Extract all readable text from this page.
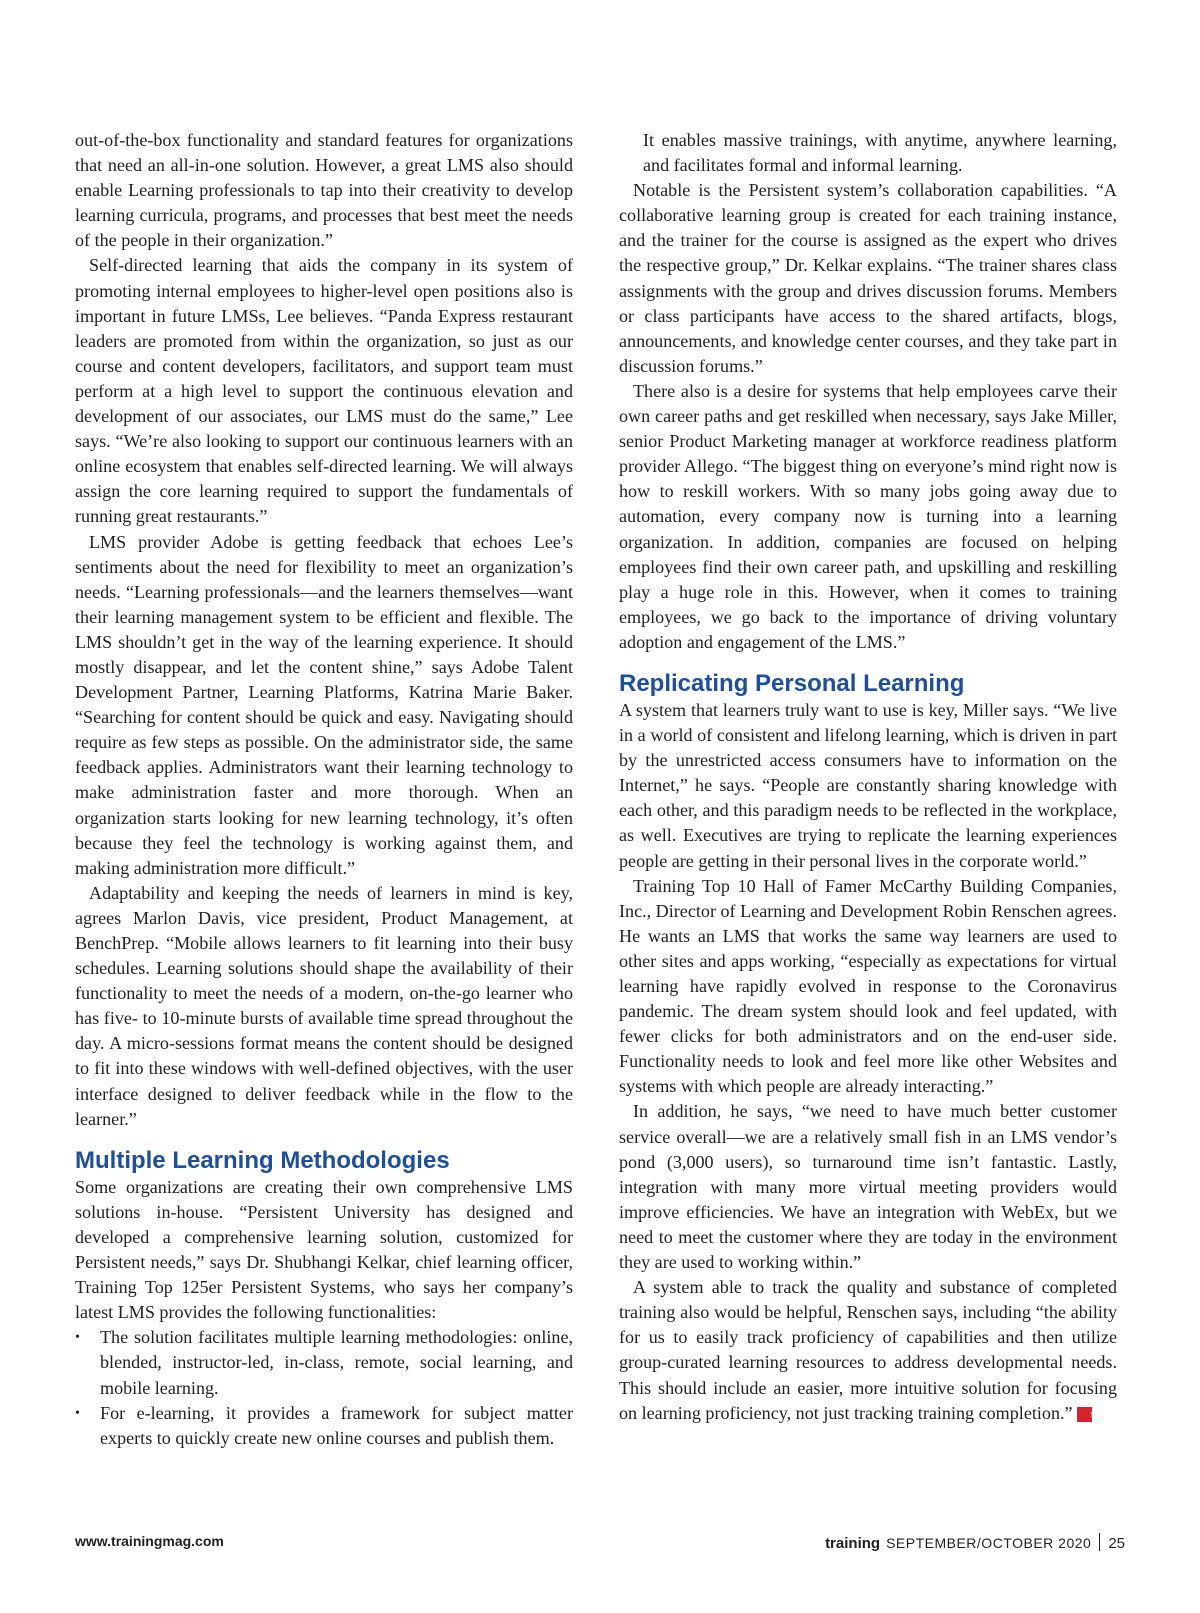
out-of-the-box functionality and standard features for organizations that need an all-in-one solution. However, a great LMS also should enable Learning professionals to tap into their creativity to develop learning curricula, programs, and processes that best meet the needs of the people in their organization.”

Self-directed learning that aids the company in its system of promoting internal employees to higher-level open positions also is important in future LMSs, Lee believes. “Panda Express restaurant leaders are promoted from within the organization, so just as our course and content developers, facilitators, and support team must perform at a high level to support the continuous elevation and development of our associates, our LMS must do the same,” Lee says. “We’re also looking to support our continuous learners with an online ecosystem that enables self-directed learning. We will always assign the core learning required to support the fundamentals of running great restaurants.”

LMS provider Adobe is getting feedback that echoes Lee’s sentiments about the need for flexibility to meet an organization’s needs. “Learning professionals—and the learners themselves—want their learning management system to be efficient and flexible. The LMS shouldn’t get in the way of the learning experience. It should mostly disappear, and let the content shine,” says Adobe Talent Development Partner, Learning Platforms, Katrina Marie Baker. “Searching for content should be quick and easy. Navigating should require as few steps as possible. On the administrator side, the same feedback applies. Administrators want their learning technology to make administration faster and more thorough. When an organization starts looking for new learning technology, it’s often because they feel the technology is working against them, and making administration more difficult.”

Adaptability and keeping the needs of learners in mind is key, agrees Marlon Davis, vice president, Product Management, at BenchPrep. “Mobile allows learners to fit learning into their busy schedules. Learning solutions should shape the availability of their functionality to meet the needs of a modern, on-the-go learner who has five- to 10-minute bursts of available time spread throughout the day. A micro-sessions format means the content should be designed to fit into these windows with well-defined objectives, with the user interface designed to deliver feedback while in the flow to the learner.”

Multiple Learning Methodologies

Some organizations are creating their own comprehensive LMS solutions in-house. “Persistent University has designed and developed a comprehensive learning solution, customized for Persistent needs,” says Dr. Shubhangi Kelkar, chief learning officer, Training Top 125er Persistent Systems, who says her company’s latest LMS provides the following functionalities:

• The solution facilitates multiple learning methodologies: online, blended, instructor-led, in-class, remote, social learning, and mobile learning.
• For e-learning, it provides a framework for subject matter experts to quickly create new online courses and publish them.
It enables massive trainings, with anytime, anywhere learning, and facilitates formal and informal learning.

Notable is the Persistent system’s collaboration capabilities. “A collaborative learning group is created for each training instance, and the trainer for the course is assigned as the expert who drives the respective group,” Dr. Kelkar explains. “The trainer shares class assignments with the group and drives discussion forums. Members or class participants have access to the shared artifacts, blogs, announcements, and knowledge center courses, and they take part in discussion forums.”

There also is a desire for systems that help employees carve their own career paths and get reskilled when necessary, says Jake Miller, senior Product Marketing manager at workforce readiness platform provider Allego. “The biggest thing on everyone’s mind right now is how to reskill workers. With so many jobs going away due to automation, every company now is turning into a learning organization. In addition, companies are focused on helping employees find their own career path, and upskilling and reskilling play a huge role in this. However, when it comes to training employees, we go back to the importance of driving voluntary adoption and engagement of the LMS.”

Replicating Personal Learning

A system that learners truly want to use is key, Miller says. “We live in a world of consistent and lifelong learning, which is driven in part by the unrestricted access consumers have to information on the Internet,” he says. “People are constantly sharing knowledge with each other, and this paradigm needs to be reflected in the workplace, as well. Executives are trying to replicate the learning experiences people are getting in their personal lives in the corporate world.”

Training Top 10 Hall of Famer McCarthy Building Companies, Inc., Director of Learning and Development Robin Renschen agrees. He wants an LMS that works the same way learners are used to other sites and apps working, “especially as expectations for virtual learning have rapidly evolved in response to the Coronavirus pandemic. The dream system should look and feel updated, with fewer clicks for both administrators and on the end-user side. Functionality needs to look and feel more like other Websites and systems with which people are already interacting.”

In addition, he says, “we need to have much better customer service overall—we are a relatively small fish in an LMS vendor’s pond (3,000 users), so turnaround time isn’t fantastic. Lastly, integration with many more virtual meeting providers would improve efficiencies. We have an integration with WebEx, but we need to meet the customer where they are today in the environment they are used to working within.”

A system able to track the quality and substance of completed training also would be helpful, Renschen says, including “the ability for us to easily track proficiency of capabilities and then utilize group-curated learning resources to address developmental needs. This should include an easier, more intuitive solution for focusing on learning proficiency, not just tracking training completion.” t

www.trainingmag.com	training SEPTEMBER/OCTOBER 2020 25
